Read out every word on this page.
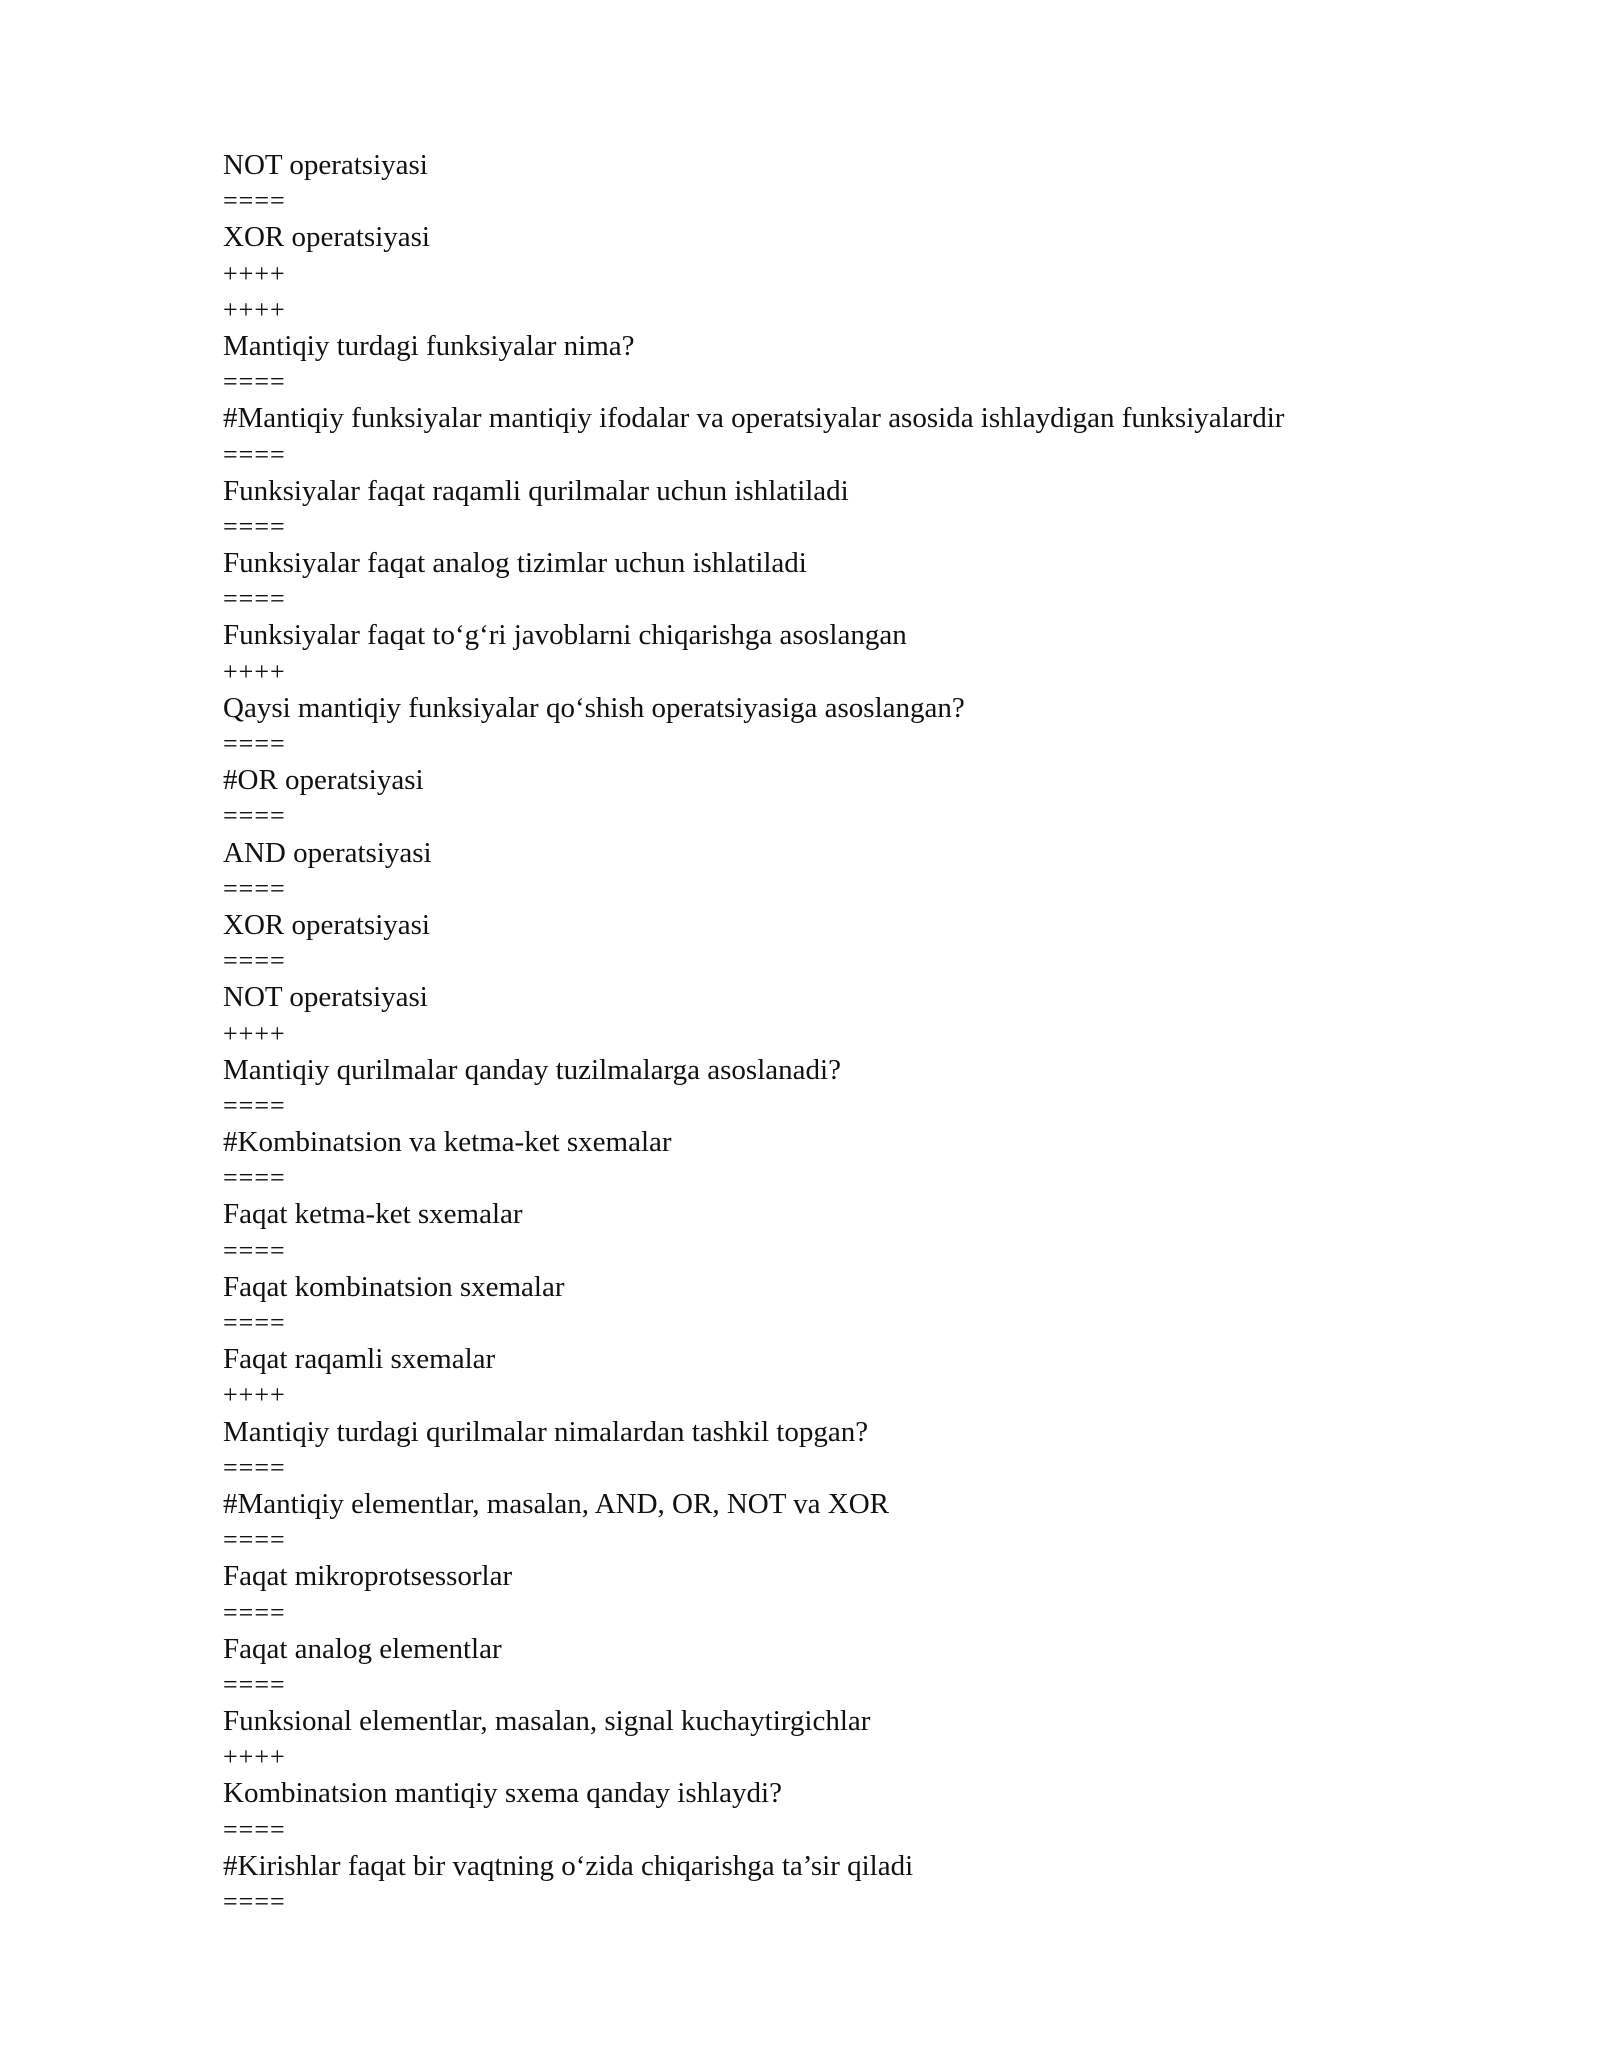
NOT operatsiyasi
====
XOR operatsiyasi
++++
++++
Mantiqiy turdagi funksiyalar nima?
====
#Mantiqiy funksiyalar mantiqiy ifodalar va operatsiyalar asosida ishlaydigan funksiyalardir
====
Funksiyalar faqat raqamli qurilmalar uchun ishlatiladi
====
Funksiyalar faqat analog tizimlar uchun ishlatiladi
====
Funksiyalar faqat to‘g‘ri javoblarni chiqarishga asoslangan
++++
Qaysi mantiqiy funksiyalar qo‘shish operatsiyasiga asoslangan?
====
#OR operatsiyasi
====
AND operatsiyasi
====
XOR operatsiyasi
====
NOT operatsiyasi
++++
Mantiqiy qurilmalar qanday tuzilmalarga asoslanadi?
====
#Kombinatsion va ketma-ket sxemalar
====
Faqat ketma-ket sxemalar
====
Faqat kombinatsion sxemalar
====
Faqat raqamli sxemalar
++++
Mantiqiy turdagi qurilmalar nimalardan tashkil topgan?
====
#Mantiqiy elementlar, masalan, AND, OR, NOT va XOR
====
Faqat mikroprotsessorlar
====
Faqat analog elementlar
====
Funksional elementlar, masalan, signal kuchaytirgichlar
++++
Kombinatsion mantiqiy sxema qanday ishlaydi?
====
#Kirishlar faqat bir vaqtning o‘zida chiqarishga ta’sir qiladi
====
